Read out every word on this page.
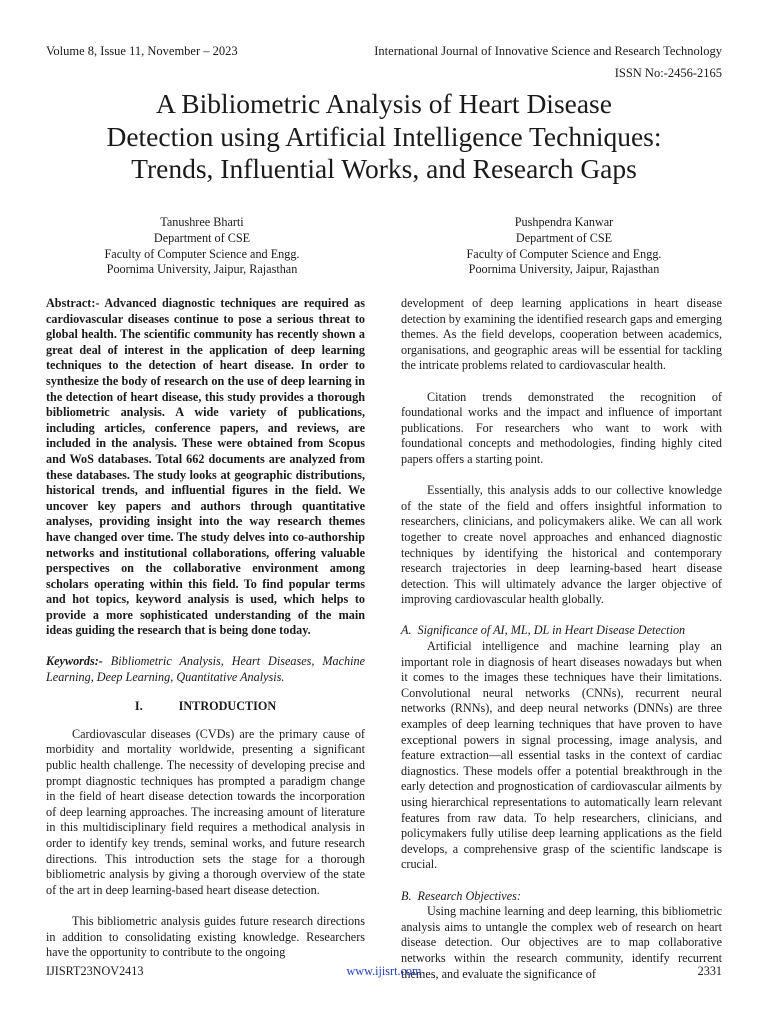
Volume 8, Issue 11, November – 2023	International Journal of Innovative Science and Research Technology
ISSN No:-2456-2165
A Bibliometric Analysis of Heart Disease
Detection using Artificial Intelligence Techniques:
Trends, Influential Works, and Research Gaps
Tanushree Bharti
Department of CSE
Faculty of Computer Science and Engg.
Poornima University, Jaipur, Rajasthan
Pushpendra Kanwar
Department of CSE
Faculty of Computer Science and Engg.
Poornima University, Jaipur, Rajasthan

Abstract:- Advanced diagnostic techniques are required as cardiovascular diseases continue to pose a serious threat to global health. The scientific community has recently shown a great deal of interest in the application of deep learning techniques to the detection of heart disease. In order to synthesize the body of research on the use of deep learning in the detection of heart disease, this study provides a thorough bibliometric analysis. A wide variety of publications, including articles, conference papers, and reviews, are included in the analysis. These were obtained from Scopus and WoS databases. Total 662 documents are analyzed from these databases. The study looks at geographic distributions, historical trends, and influential figures in the field. We uncover key papers and authors through quantitative analyses, providing insight into the way research themes have changed over time. The study delves into co-authorship networks and institutional collaborations, offering valuable perspectives on the collaborative environment among scholars operating within this field. To find popular terms and hot topics, keyword analysis is used, which helps to provide a more sophisticated understanding of the main ideas guiding the research that is being done today.

Keywords:- Bibliometric Analysis, Heart Diseases, Machine Learning, Deep Learning, Quantitative Analysis.

I.	INTRODUCTION

Cardiovascular diseases (CVDs) are the primary cause of morbidity and mortality worldwide, presenting a significant public health challenge. The necessity of developing precise and prompt diagnostic techniques has prompted a paradigm change in the field of heart disease detection towards the incorporation of deep learning approaches. The increasing amount of literature in this multidisciplinary field requires a methodical analysis in order to identify key trends, seminal works, and future research directions. This introduction sets the stage for a thorough bibliometric analysis by giving a thorough overview of the state of the art in deep learning-based heart disease detection.

This bibliometric analysis guides future research directions in addition to consolidating existing knowledge. Researchers have the opportunity to contribute to the ongoing

development of deep learning applications in heart disease detection by examining the identified research gaps and emerging themes. As the field develops, cooperation between academics, organisations, and geographic areas will be essential for tackling the intricate problems related to cardiovascular health.

Citation trends demonstrated the recognition of foundational works and the impact and influence of important publications. For researchers who want to work with foundational concepts and methodologies, finding highly cited papers offers a starting point.

Essentially, this analysis adds to our collective knowledge of the state of the field and offers insightful information to researchers, clinicians, and policymakers alike. We can all work together to create novel approaches and enhanced diagnostic techniques by identifying the historical and contemporary research trajectories in deep learning-based heart disease detection. This will ultimately advance the larger objective of improving cardiovascular health globally.

A. Significance of AI, ML, DL in Heart Disease Detection

Artificial intelligence and machine learning play an important role in diagnosis of heart diseases nowadays but when it comes to the images these techniques have their limitations. Convolutional neural networks (CNNs), recurrent neural networks (RNNs), and deep neural networks (DNNs) are three examples of deep learning techniques that have proven to have exceptional powers in signal processing, image analysis, and feature extraction—all essential tasks in the context of cardiac diagnostics. These models offer a potential breakthrough in the early detection and prognostication of cardiovascular ailments by using hierarchical representations to automatically learn relevant features from raw data. To help researchers, clinicians, and policymakers fully utilise deep learning applications as the field develops, a comprehensive grasp of the scientific landscape is crucial.

B. Research Objectives:

Using machine learning and deep learning, this bibliometric analysis aims to untangle the complex web of research on heart disease detection. Our objectives are to map collaborative networks within the research community, identify recurrent themes, and evaluate the significance of

IJISRT23NOV2413	www.ijisrt.com	2331
